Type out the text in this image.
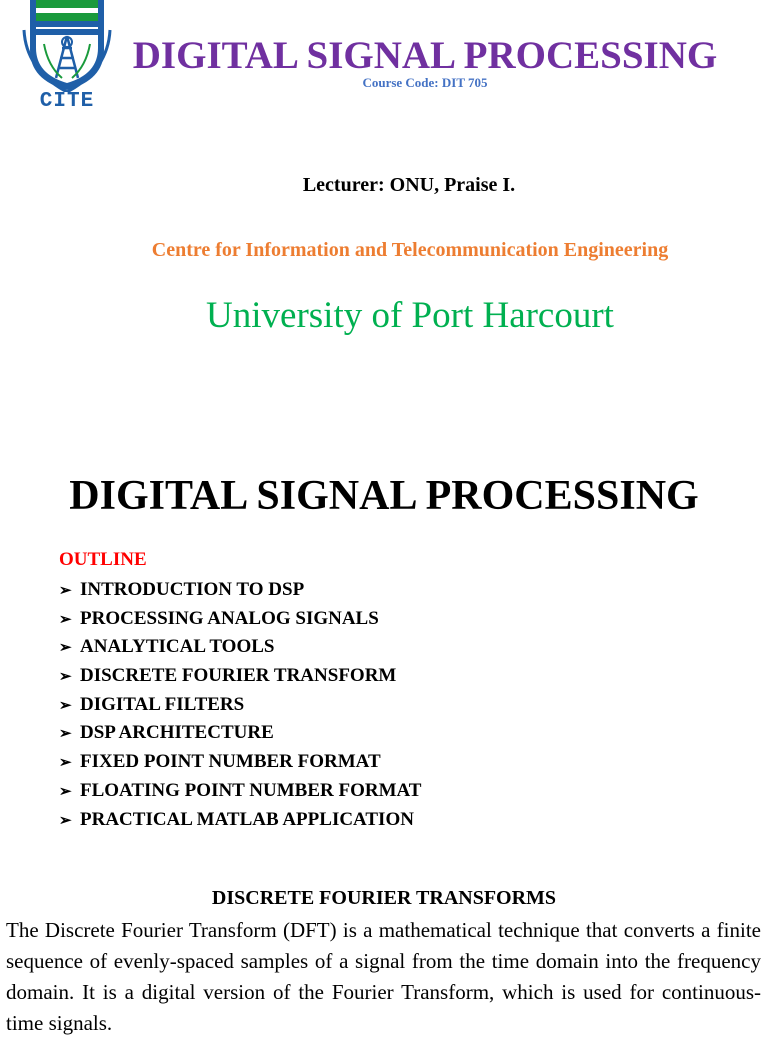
CITE
DIGITAL SIGNAL PROCESSING
Course Code: DIT 705
Lecturer: ONU, Praise I.
Centre for Information and Telecommunication Engineering
University of Port Harcourt
DIGITAL SIGNAL PROCESSING
OUTLINE
➢ INTRODUCTION TO DSP
➢ PROCESSING ANALOG SIGNALS
➢ ANALYTICAL TOOLS
➢ DISCRETE FOURIER TRANSFORM
➢ DIGITAL FILTERS
➢ DSP ARCHITECTURE
➢ FIXED POINT NUMBER FORMAT
➢ FLOATING POINT NUMBER FORMAT
➢ PRACTICAL MATLAB APPLICATION
DISCRETE FOURIER TRANSFORMS
The Discrete Fourier Transform (DFT) is a mathematical technique that converts a finite sequence of evenly-spaced samples of a signal from the time domain into the frequency domain. It is a digital version of the Fourier Transform, which is used for continuous-time signals.
